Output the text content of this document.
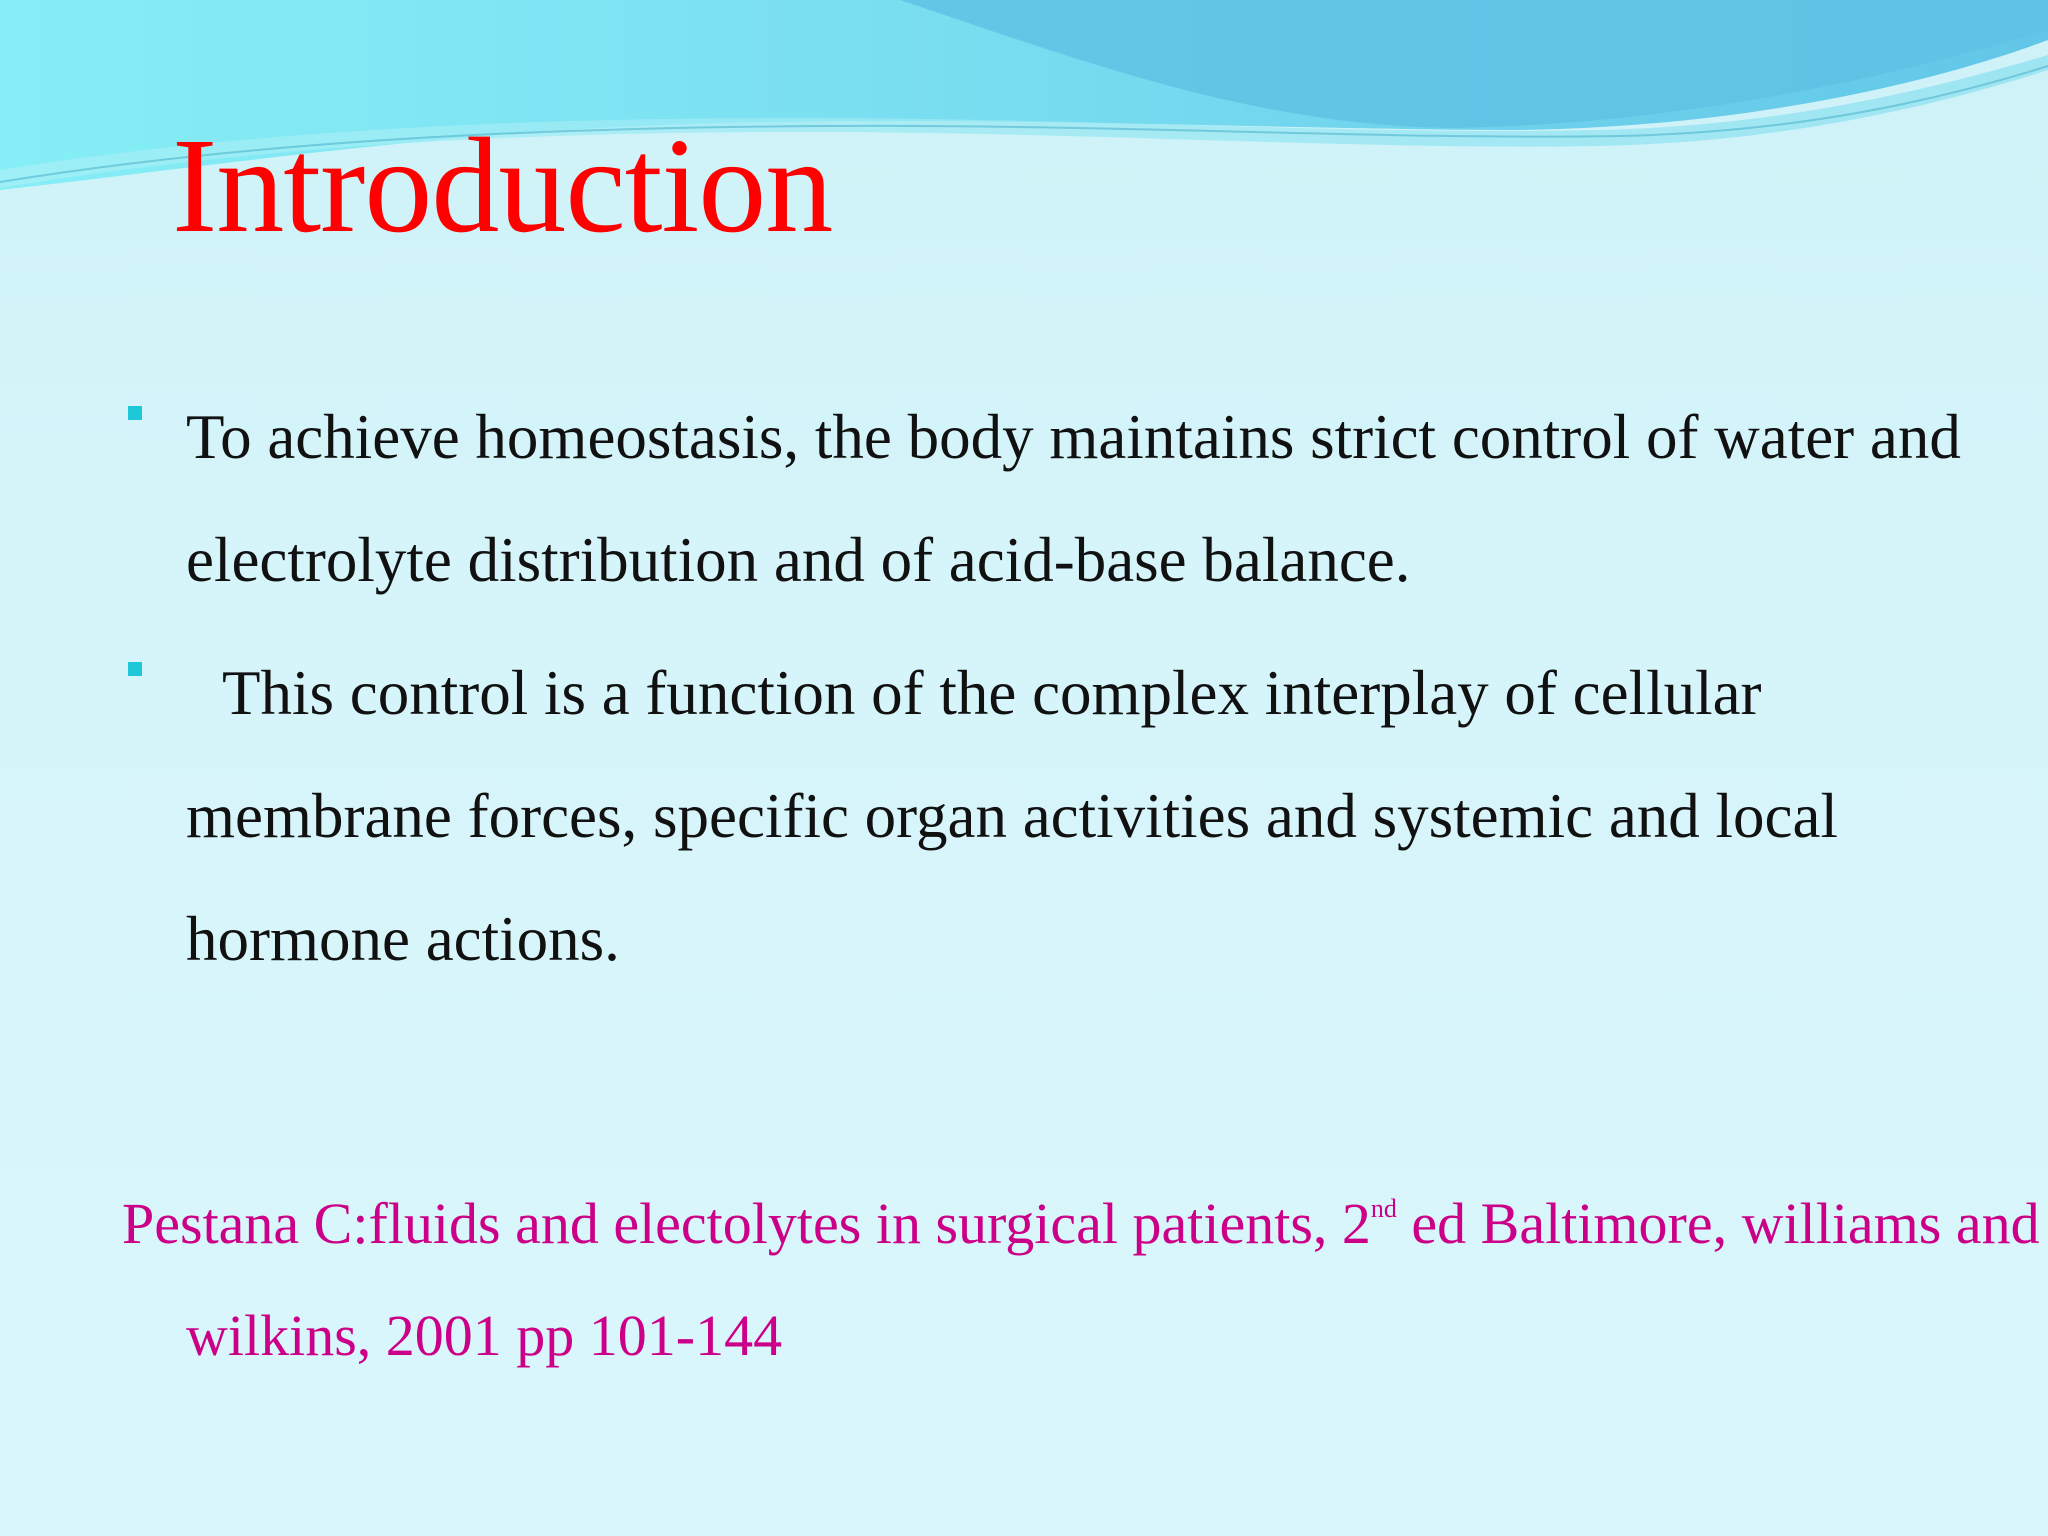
Introduction
To achieve homeostasis, the body maintains strict control of water and electrolyte distribution and of acid-base balance.
This control is a function of the complex interplay of cellular membrane forces, specific organ activities and systemic and local hormone actions.

Pestana C:fluids and electolytes in surgical patients, 2nd ed Baltimore, williams and wilkins, 2001 pp 101-144
